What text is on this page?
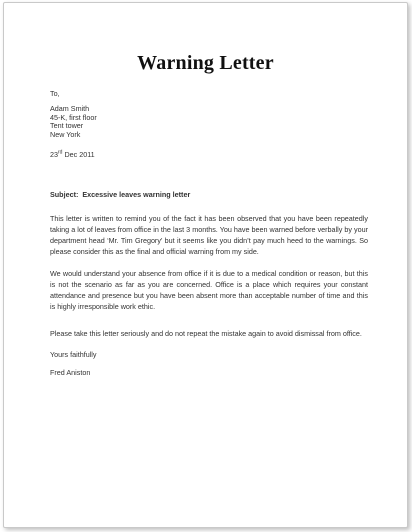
Warning Letter
To,
Adam Smith
45-K, first floor
Tent tower
New York
23rd Dec 2011
Subject: Excessive leaves warning letter
This letter is written to remind you of the fact it has been observed that you have been repeatedly taking a lot of leaves from office in the last 3 months. You have been warned before verbally by your department head ‘Mr. Tim Gregory’ but it seems like you didn’t pay much heed to the warnings. So please consider this as the final and official warning from my side.
We would understand your absence from office if it is due to a medical condition or reason, but this is not the scenario as far as you are concerned. Office is a place which requires your constant attendance and presence but you have been absent more than acceptable number of time and this is highly irresponsible work ethic.
Please take this letter seriously and do not repeat the mistake again to avoid dismissal from office.
Yours faithfully
Fred Aniston
